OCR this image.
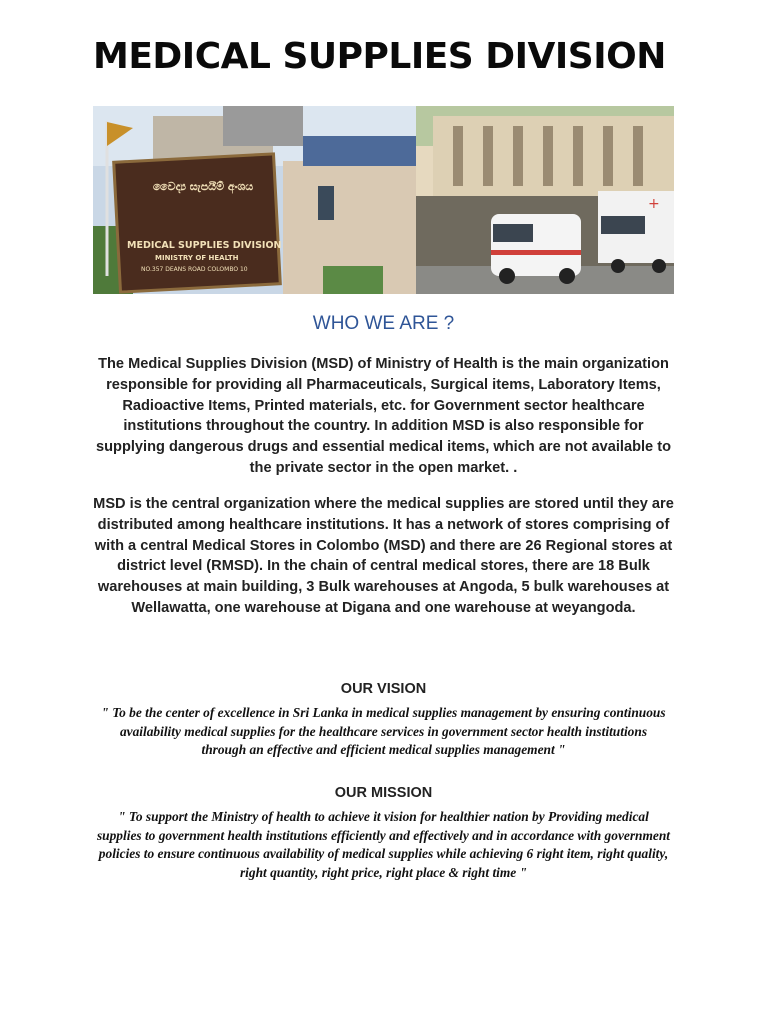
MEDICAL SUPPLIES DIVISION
වෛද්‍ය සැපයීම් අංශය
MEDICAL SUPPLIES DIVISION
MINISTRY OF HEALTH
NO.357 DEANS ROAD COLOMBO 10
+
WHO WE ARE ?

The Medical Supplies Division (MSD) of Ministry of Health is the main organization responsible for providing all Pharmaceuticals, Surgical items, Laboratory Items, Radioactive Items, Printed materials, etc. for Government sector healthcare institutions throughout the country. In addition MSD is also responsible for supplying dangerous drugs and essential medical items, which are not available to the private sector in the open market. .

MSD is the central organization where the medical supplies are stored until they are distributed among healthcare institutions. It has a network of stores comprising of with a central Medical Stores in Colombo (MSD) and there are 26 Regional stores at district level (RMSD). In the chain of central medical stores, there are 18 Bulk warehouses at main building, 3 Bulk warehouses at Angoda, 5 bulk warehouses at Wellawatta, one warehouse at Digana and one warehouse at weyangoda.

OUR VISION

" To be the center of excellence in Sri Lanka in medical supplies management by ensuring continuous availability medical supplies for the healthcare services in government sector health institutions through an effective and efficient medical supplies management "

OUR MISSION

" To support the Ministry of health to achieve it vision for healthier nation by Providing medical supplies to government health institutions efficiently and effectively and in accordance with government policies to ensure continuous availability of medical supplies while achieving 6 right item, right quality, right quantity, right price, right place & right time "
